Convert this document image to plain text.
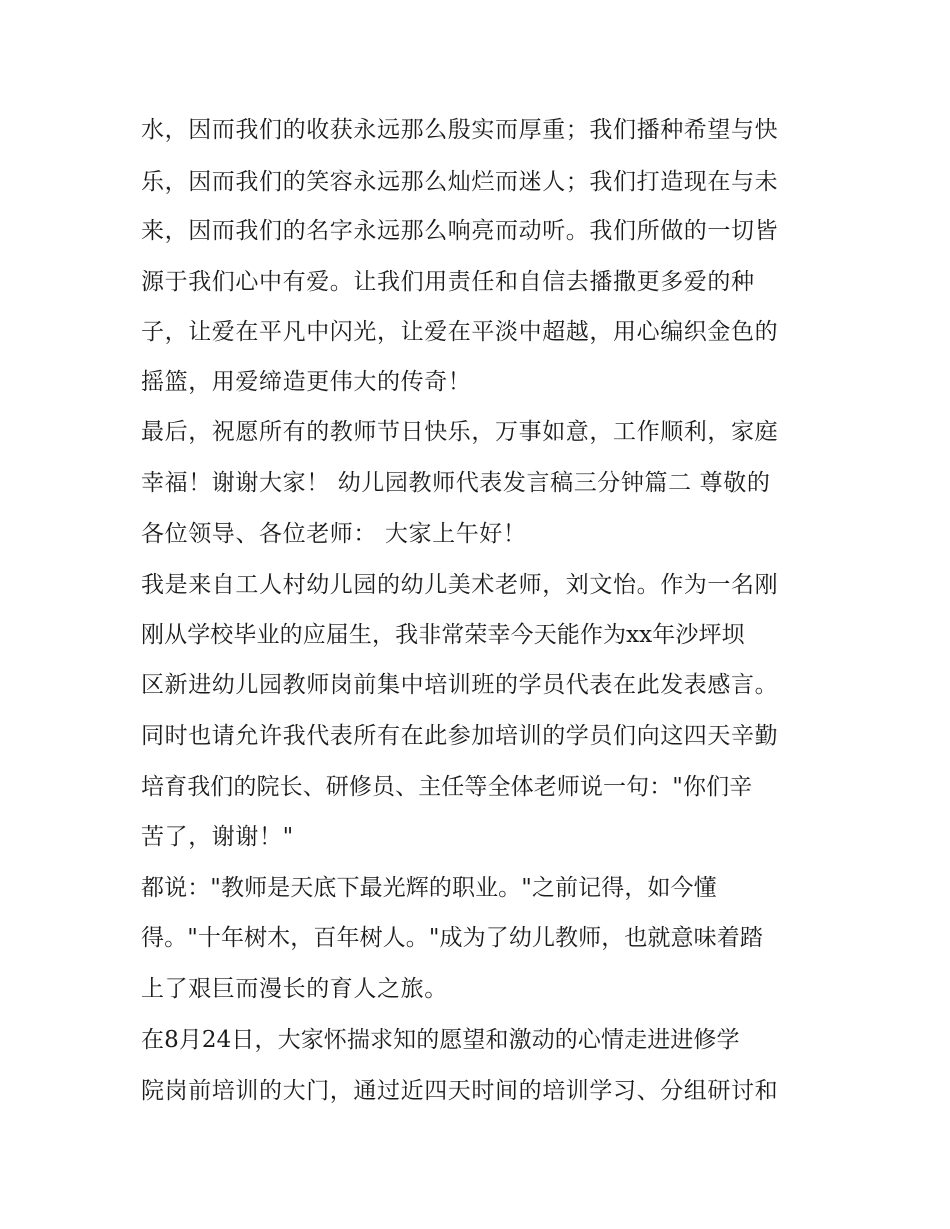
水，因而我们的收获永远那么殷实而厚重；我们播种希望与快
乐，因而我们的笑容永远那么灿烂而迷人；我们打造现在与未
来，因而我们的名字永远那么响亮而动听。我们所做的一切皆
源于我们心中有爱。让我们用责任和自信去播撒更多爱的种
子，让爱在平凡中闪光，让爱在平淡中超越，用心编织金色的
摇篮，用爱缔造更伟大的传奇！
最后，祝愿所有的教师节日快乐，万事如意，工作顺利，家庭
幸福！谢谢大家！ 幼儿园教师代表发言稿三分钟篇二 尊敬的
各位领导、各位老师： 大家上午好！
我是来自工人村幼儿园的幼儿美术老师，刘文怡。作为一名刚
刚从学校毕业的应届生，我非常荣幸今天能作为xx年沙坪坝
区新进幼儿园教师岗前集中培训班的学员代表在此发表感言。
同时也请允许我代表所有在此参加培训的学员们向这四天辛勤
培育我们的院长、研修员、主任等全体老师说一句："你们辛
苦了，谢谢！"
都说："教师是天底下最光辉的职业。"之前记得，如今懂
得。"十年树木，百年树人。"成为了幼儿教师，也就意味着踏
上了艰巨而漫长的育人之旅。
在8月24日，大家怀揣求知的愿望和激动的心情走进进修学
院岗前培训的大门，通过近四天时间的培训学习、分组研讨和
